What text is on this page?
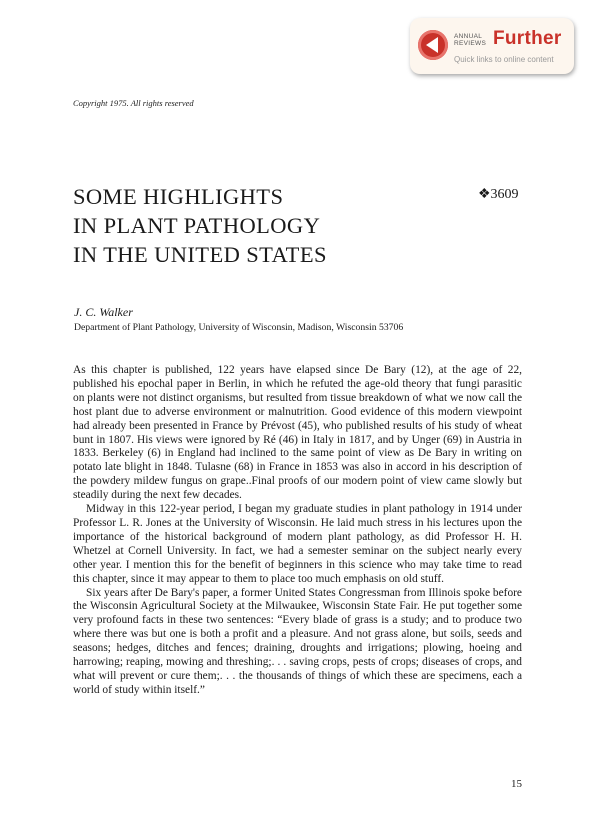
ANNUAL
REVIEWS Further
Quick links to online content
Copyright 1975. All rights reserved
SOME HIGHLIGHTS
IN PLANT PATHOLOGY
IN THE UNITED STATES
❖3609
J. C. Walker
Department of Plant Pathology, University of Wisconsin, Madison, Wisconsin 53706

As this chapter is published, 122 years have elapsed since De Bary (12), at the age of 22, published his epochal paper in Berlin, in which he refuted the age-old theory that fungi parasitic on plants were not distinct organisms, but resulted from tissue breakdown of what we now call the host plant due to adverse environment or malnutrition. Good evidence of this modern viewpoint had already been presented in France by Prévost (45), who published results of his study of wheat bunt in 1807. His views were ignored by Ré (46) in Italy in 1817, and by Unger (69) in Austria in 1833. Berkeley (6) in England had inclined to the same point of view as De Bary in writing on potato late blight in 1848. Tulasne (68) in France in 1853 was also in accord in his description of the powdery mildew fungus on grape..Final proofs of our modern point of view came slowly but steadily during the next few decades.

Midway in this 122-year period, I began my graduate studies in plant pathology in 1914 under Professor L. R. Jones at the University of Wisconsin. He laid much stress in his lectures upon the importance of the historical background of modern plant pathology, as did Professor H. H. Whetzel at Cornell University. In fact, we had a semester seminar on the subject nearly every other year. I mention this for the benefit of beginners in this science who may take time to read this chapter, since it may appear to them to place too much emphasis on old stuff.

Six years after De Bary's paper, a former United States Congressman from Illinois spoke before the Wisconsin Agricultural Society at the Milwaukee, Wisconsin State Fair. He put together some very profound facts in these two sentences: “Every blade of grass is a study; and to produce two where there was but one is both a profit and a pleasure. And not grass alone, but soils, seeds and seasons; hedges, ditches and fences; draining, droughts and irrigations; plowing, hoeing and harrowing; reaping, mowing and threshing;. . . saving crops, pests of crops; diseases of crops, and what will prevent or cure them;. . . the thousands of things of which these are specimens, each a world of study within itself.”

15
